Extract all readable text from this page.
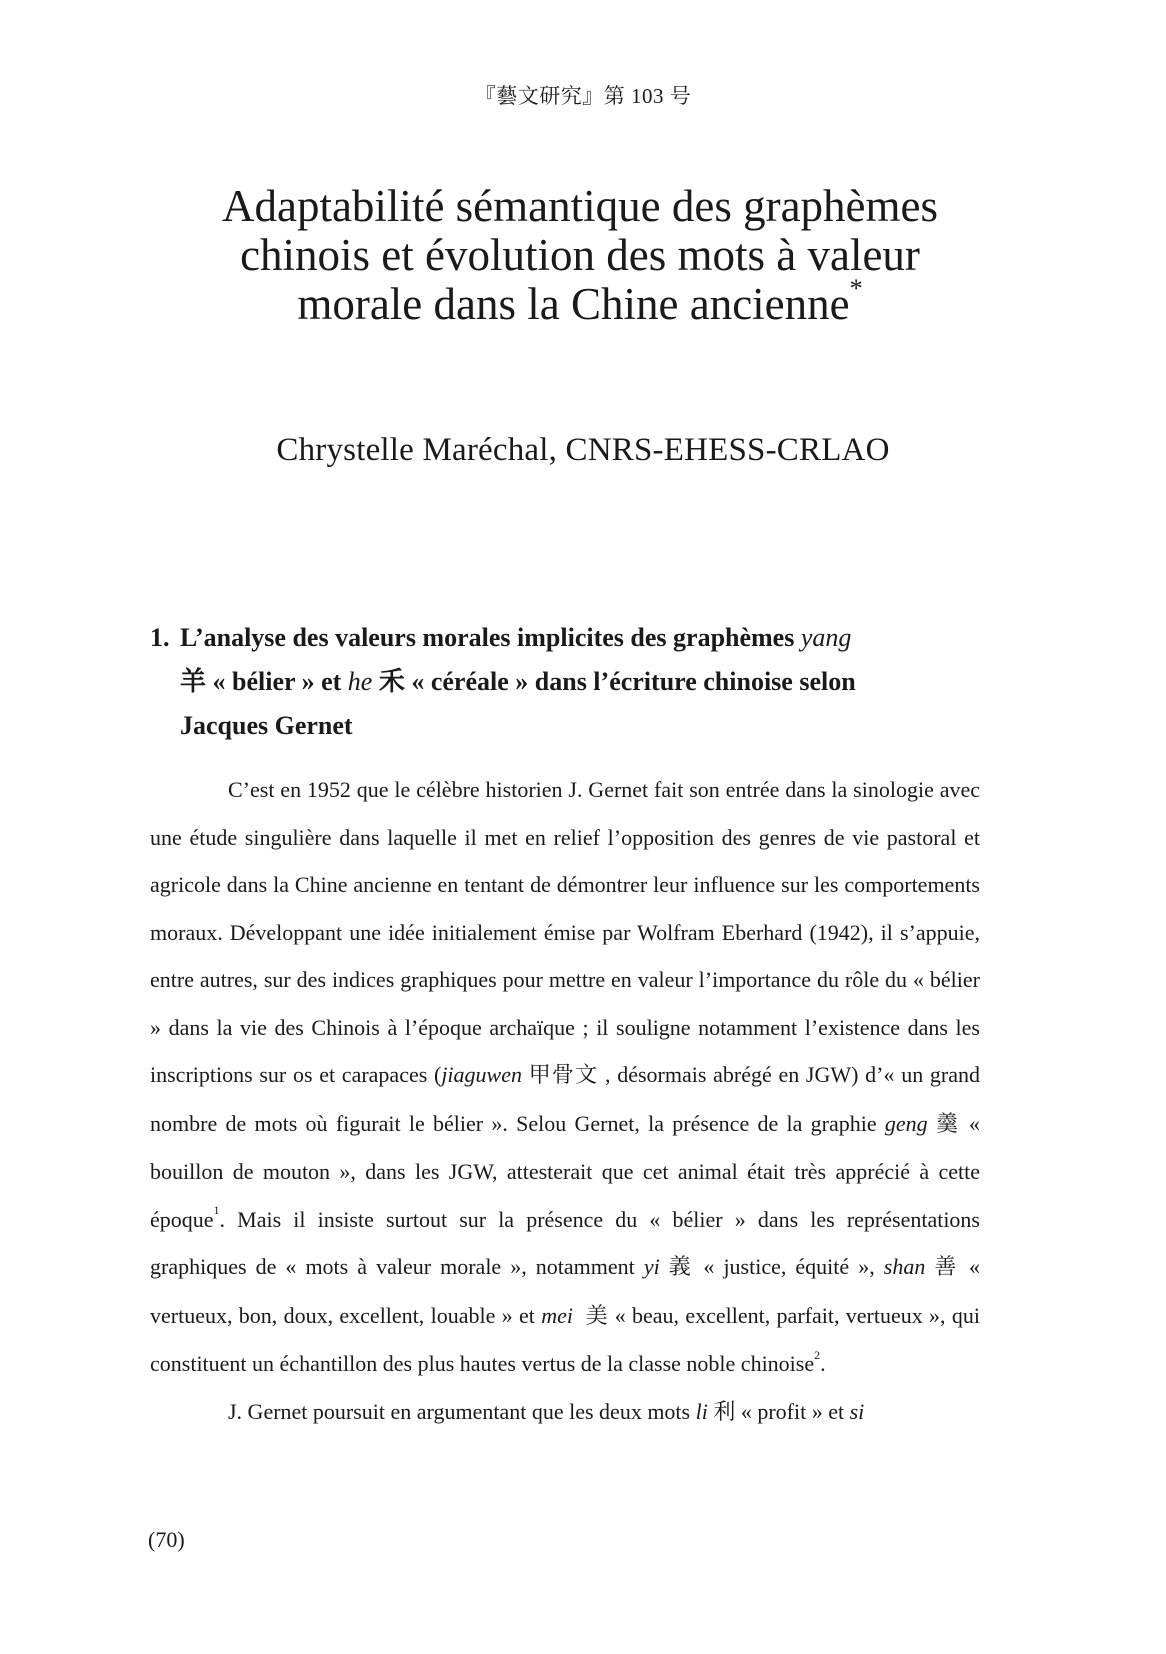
『藝文研究』第 103 号
Adaptabilité sémantique des graphèmes
chinois et évolution des mots à valeur
morale dans la Chine ancienne*
Chrystelle Maréchal, CNRS-EHESS-CRLAO
1. L’analyse des valeurs morales implicites des graphèmes yang
羊 « bélier » et he 禾 « céréale » dans l’écriture chinoise selon
Jacques Gernet

C’est en 1952 que le célèbre historien J. Gernet fait son entrée dans la sinologie avec une étude singulière dans laquelle il met en relief l’opposition des genres de vie pastoral et agricole dans la Chine ancienne en tentant de démontrer leur influence sur les comportements moraux. Développant une idée initialement émise par Wolfram Eberhard (1942), il s’appuie, entre autres, sur des indices graphiques pour mettre en valeur l’importance du rôle du « bélier » dans la vie des Chinois à l’époque archaïque ; il souligne notamment l’existence dans les inscriptions sur os et carapaces (jiaguwen 甲骨文 , désormais abrégé en JGW) d’« un grand nombre de mots où figurait le bélier ». Selou Gernet, la présence de la graphie geng 羹 « bouillon de mouton », dans les JGW, attesterait que cet animal était très apprécié à cette époque$^1$. Mais il insiste surtout sur la présence du « bélier » dans les représentations graphiques de « mots à valeur morale », notamment yi 義 « justice, équité », shan 善 « vertueux, bon, doux, excellent, louable » et mei 美 « beau, excellent, parfait, vertueux », qui constituent un échantillon des plus hautes vertus de la classe noble chinoise$^2$.

J. Gernet poursuit en argumentant que les deux mots li 利 « profit » et si

(70)
